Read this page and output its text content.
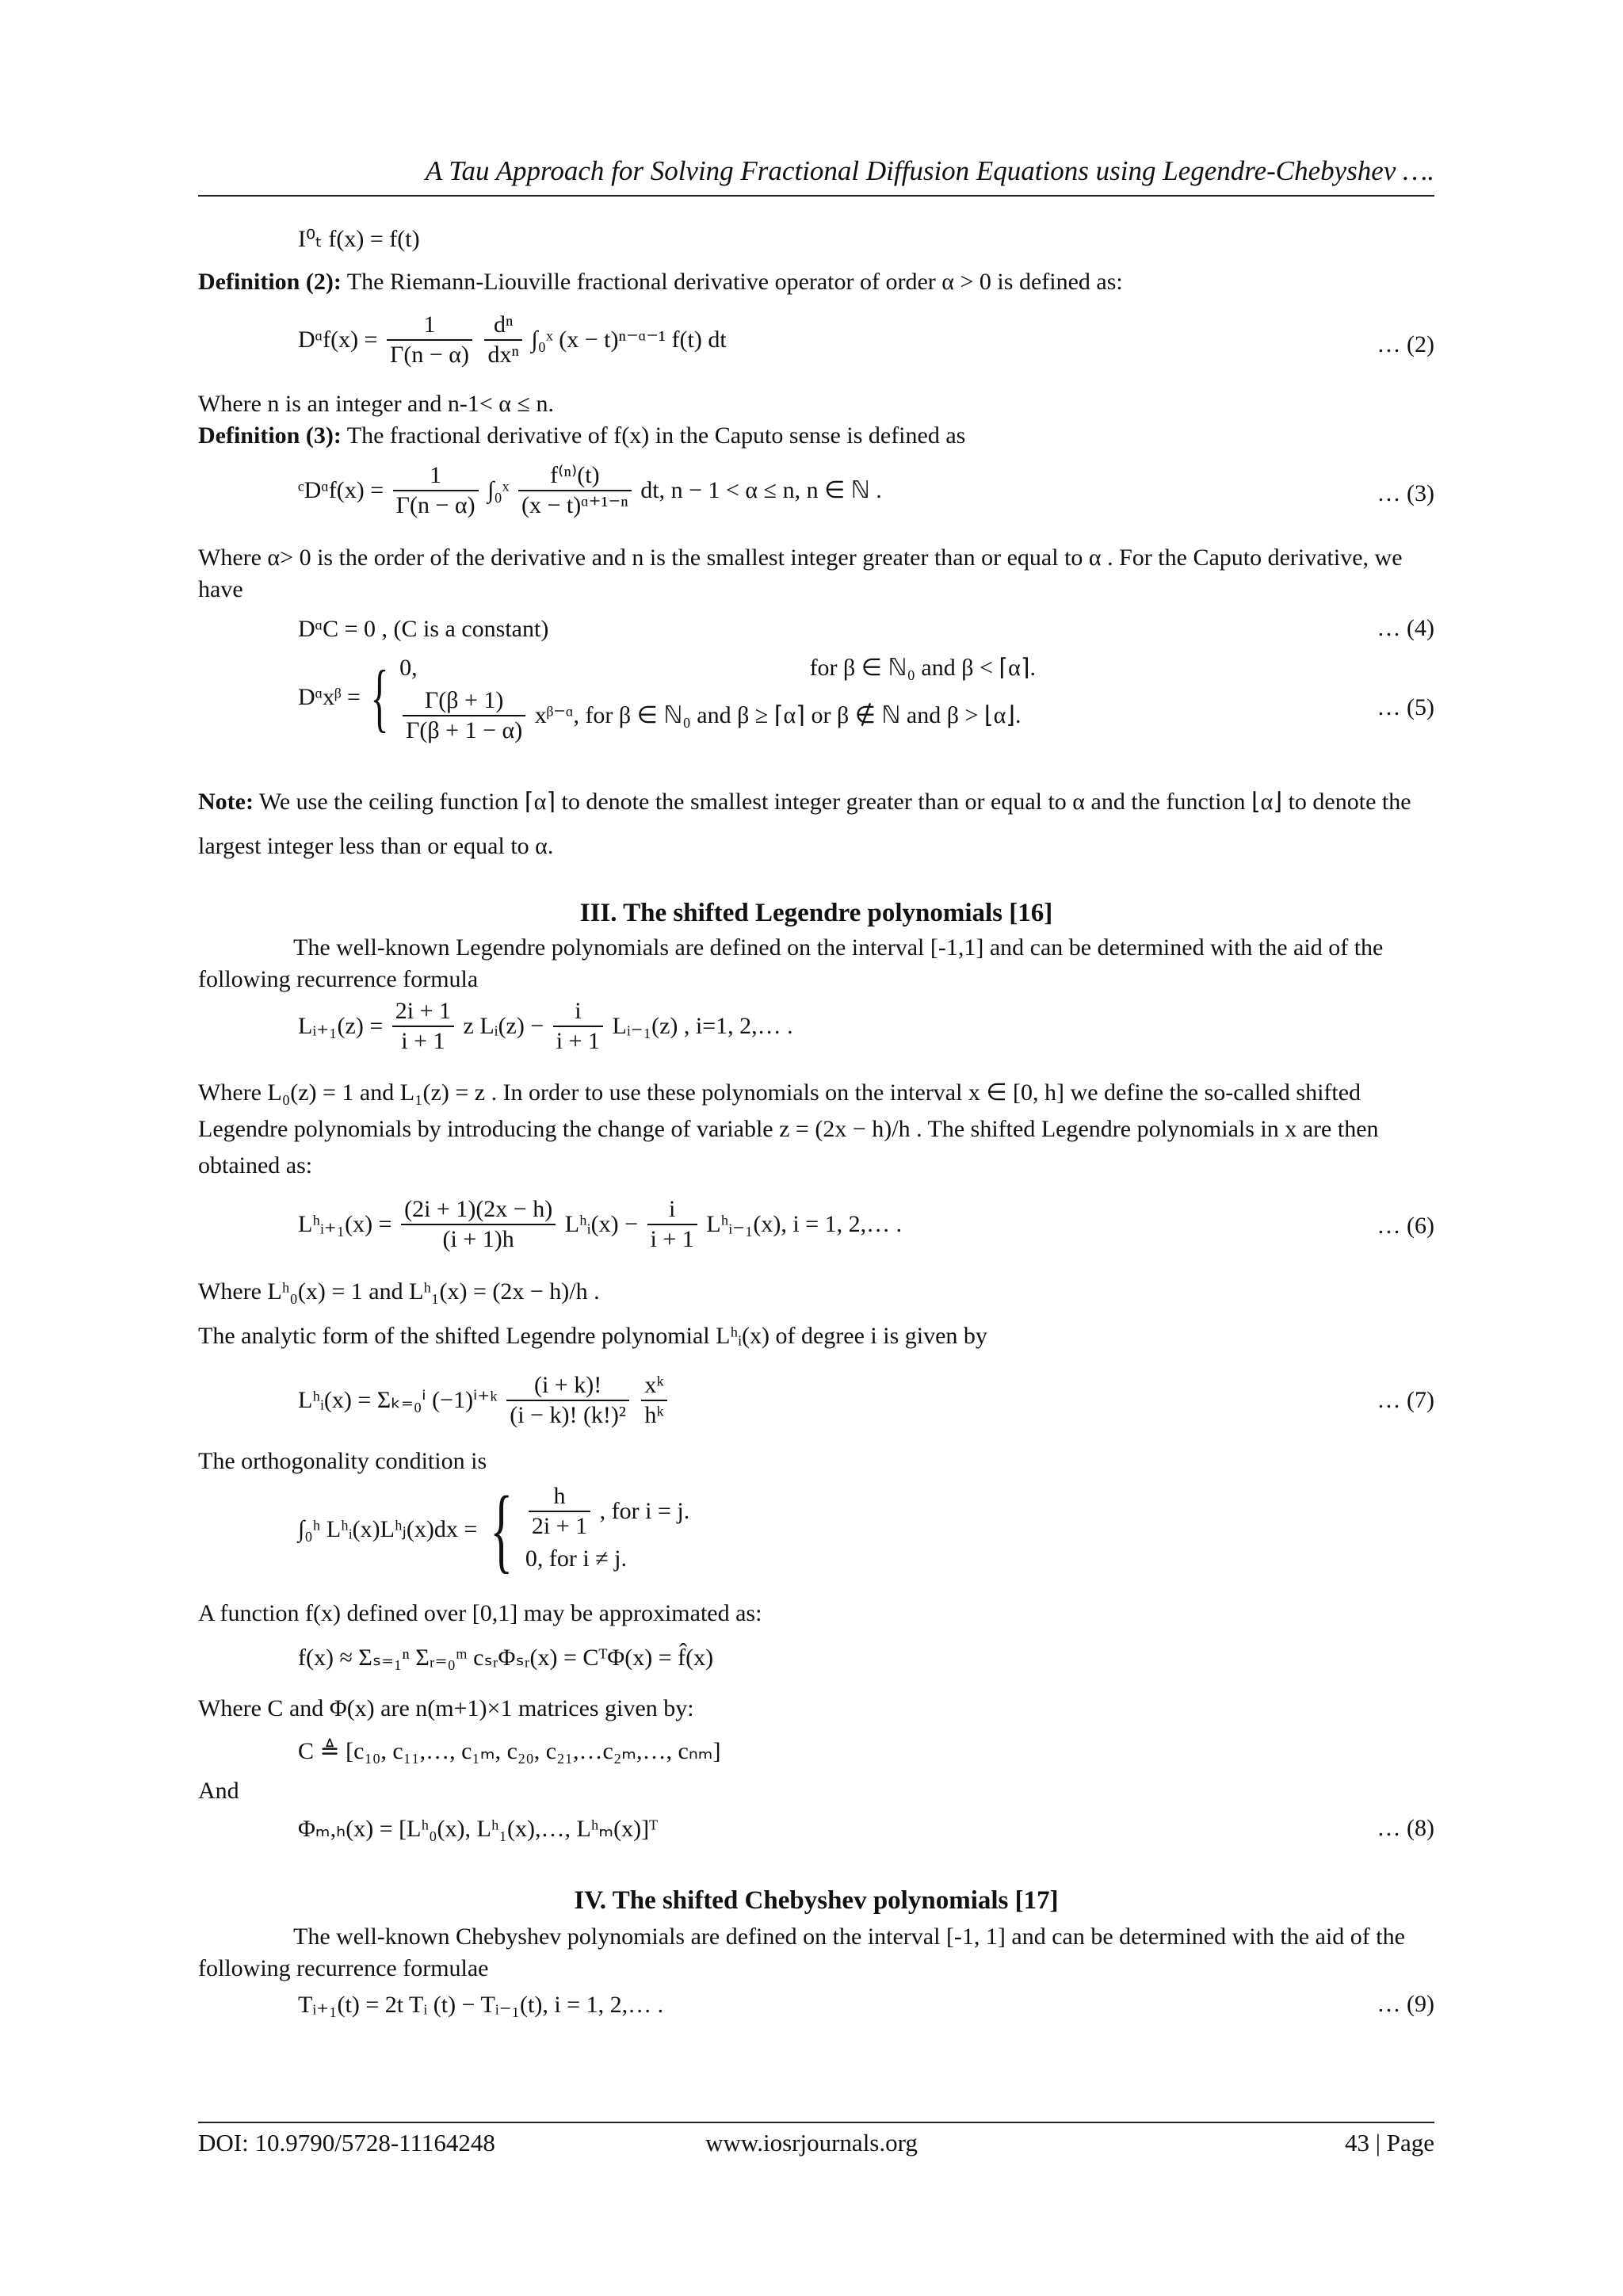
A Tau Approach for Solving Fractional Diffusion Equations using Legendre-Chebyshev ….
I⁰ₜ f(x) = f(t)
Definition (2): The Riemann-Liouville fractional derivative operator of order α > 0 is defined as:
Dᵅf(x) = $\frac{1}{\Gamma(n - \alpha)}$
$\frac{\text{dⁿ}}{\text{dxⁿ}}$ ∫₀ˣ (x − t)ⁿ⁻ᵅ⁻¹ f(t) dt	… (2)
Where n is an integer and n-1< α ≤ n.
Definition (3): The fractional derivative of f(x) in the Caputo sense is defined as
ᶜDᵅf(x) = $\frac{1}{\Gamma(n - \alpha)}$ ∫₀ˣ $\frac{\text{f⁽ⁿ⁾(t)}}{\text{(x − t)ᵅ⁺¹⁻ⁿ}}$ dt, n − 1 < α ≤ n, n ∈ ℕ .	… (3)
Where α> 0 is the order of the derivative and n is the smallest integer greater than or equal to α . For the Caputo derivative, we have
DᵅC = 0 , (C is a constant)	… (4)
Dᵅxᵝ = { 0,	for β ∈ ℕ₀ and β < ⌈α⌉.
$\frac{\Gamma(\beta + 1)}{\Gamma(\beta + 1 - \alpha)}$ xᵝ⁻ᵅ, for β ∈ ℕ₀ and β ≥ ⌈α⌉ or β ∉ ℕ and β > ⌊α⌋.	… (5)
Note: We use the ceiling function ⌈α⌉ to denote the smallest integer greater than or equal to α and the function ⌊α⌋ to denote the largest integer less than or equal to α.
III. The shifted Legendre polynomials [16]
The well-known Legendre polynomials are defined on the interval [-1,1] and can be determined with the aid of the following recurrence formula
Lᵢ₊₁(z) = $\frac{2i + 1}{i + 1}$ z Lᵢ(z) − $\frac{i}{i + 1}$ Lᵢ₋₁(z) , i=1, 2,… .
Where L₀(z) = 1 and L₁(z) = z . In order to use these polynomials on the interval x ∈ [0, h] we define the so-called shifted Legendre polynomials by introducing the change of variable z = (2x − h)/h . The shifted Legendre polynomials in x are then obtained as:
Lʰᵢ₊₁(x) = $\frac{(2i + 1)(2x - h)}{(i + 1)h}$ Lʰᵢ(x) − $\frac{i}{i + 1}$ Lʰᵢ₋₁(x), i = 1, 2,… .	… (6)
Where Lʰ₀(x) = 1 and Lʰ₁(x) = (2x − h)/h .
The analytic form of the shifted Legendre polynomial Lʰᵢ(x) of degree i is given by
Lʰᵢ(x) = Σₖ₌₀ⁱ (−1)ⁱ⁺ᵏ $\frac{(i + k)!}{\text{(i − k)! (k!)²}}$
$\frac{\text{xᵏ}}{\text{hᵏ}}$	… (7)
The orthogonality condition is
∫₀ʰ Lʰᵢ(x)Lʰⱼ(x)dx = { $\frac{h}{2i + 1}$ , for i = j.
0, for i ≠ j.
A function f(x) defined over [0,1] may be approximated as:
f(x) ≈ Σₛ₌₁ⁿ Σᵣ₌₀ᵐ cₛᵣΦₛᵣ(x) = CᵀΦ(x) = f̂(x)
Where C and Φ(x) are n(m+1)×1 matrices given by:
C ≜ [c₁₀, c₁₁,…, c₁ₘ, c₂₀, c₂₁,…c₂ₘ,…, cₙₘ]
And
Φₘ,ₕ(x) = [Lʰ₀(x), Lʰ₁(x),…, Lʰₘ(x)]ᵀ	… (8)
IV. The shifted Chebyshev polynomials [17]
The well-known Chebyshev polynomials are defined on the interval [-1, 1] and can be determined with the aid of the following recurrence formulae
Tᵢ₊₁(t) = 2t Tᵢ (t) − Tᵢ₋₁(t), i = 1, 2,… .	… (9)
DOI: 10.9790/5728-11164248	www.iosrjournals.org	43 | Page
